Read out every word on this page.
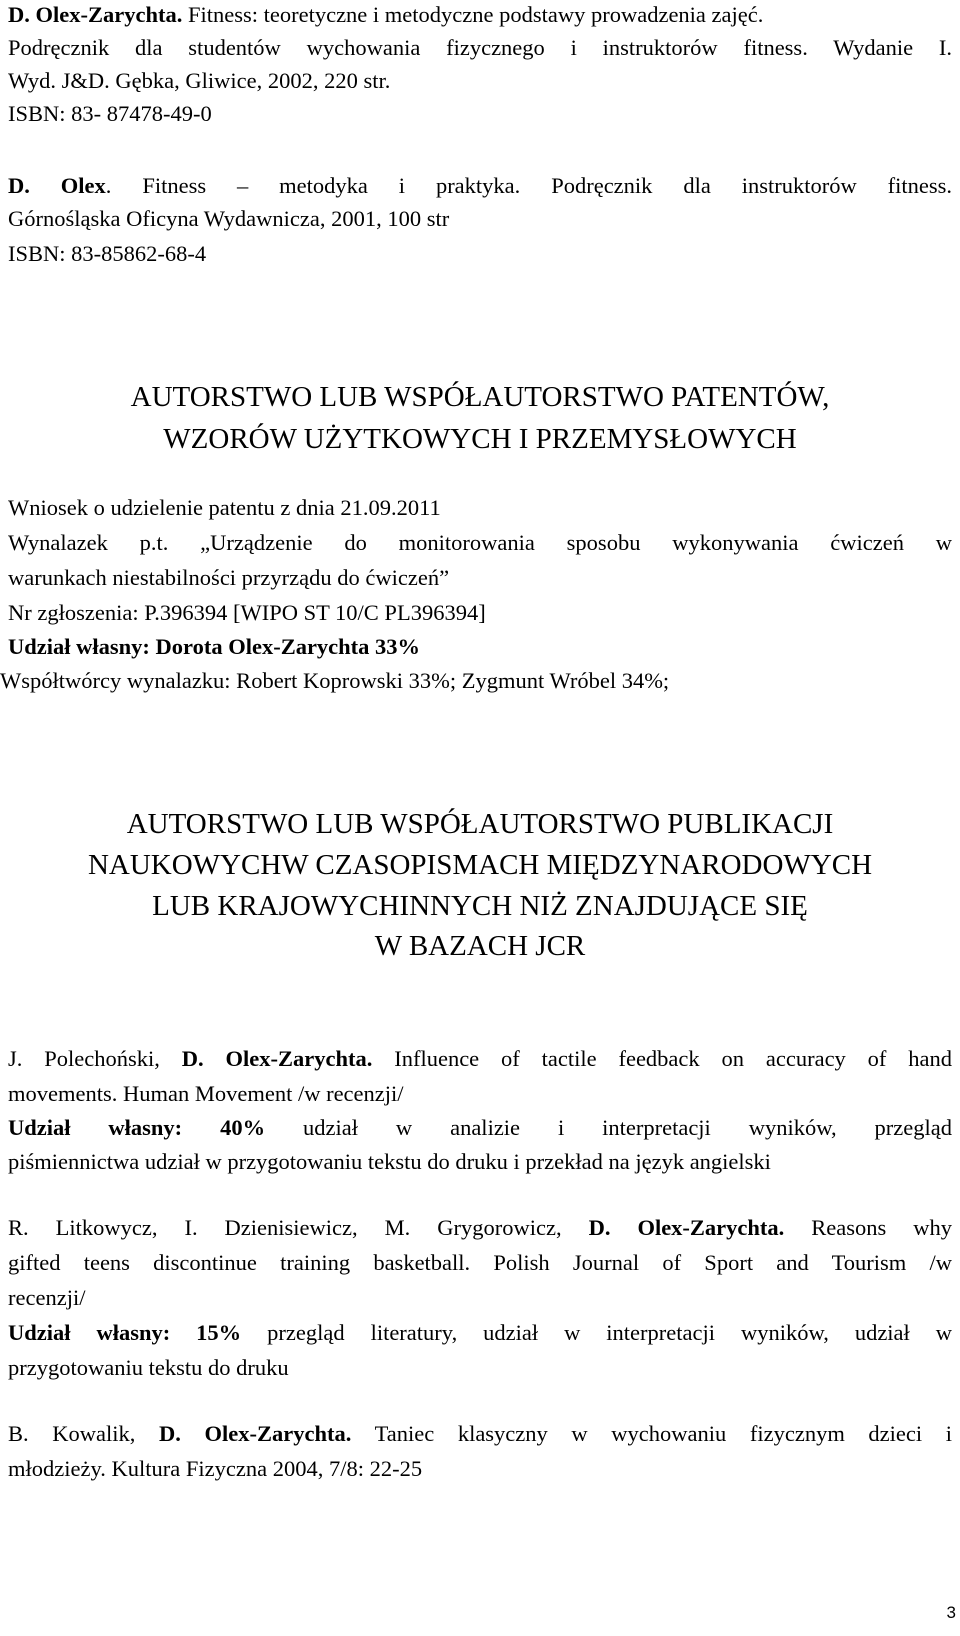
D. Olex-Zarychta. Fitness: teoretyczne i metodyczne podstawy prowadzenia zajęć.
Podręcznik dla studentów wychowania fizycznego i instruktorów fitness. Wydanie I.
Wyd. J&D. Gębka, Gliwice, 2002, 220 str.
ISBN: 83- 87478-49-0
D. Olex. Fitness – metodyka i praktyka. Podręcznik dla instruktorów fitness.
Górnośląska Oficyna Wydawnicza, 2001, 100 str
ISBN: 83-85862-68-4
AUTORSTWO LUB WSPÓŁAUTORSTWO PATENTÓW,
WZORÓW UŻYTKOWYCH I PRZEMYSŁOWYCH
Wniosek o udzielenie patentu z dnia 21.09.2011
Wynalazek p.t. „Urządzenie do monitorowania sposobu wykonywania ćwiczeń w
warunkach niestabilności przyrządu do ćwiczeń”
Nr zgłoszenia: P.396394 [WIPO ST 10/C PL396394]
Udział własny: Dorota Olex-Zarychta 33%
Współtwórcy wynalazku: Robert Koprowski 33%; Zygmunt Wróbel 34%;
AUTORSTWO LUB WSPÓŁAUTORSTWO PUBLIKACJI
NAUKOWYCHW CZASOPISMACH MIĘDZYNARODOWYCH
LUB KRAJOWYCHINNYCH NIŻ ZNAJDUJĄCE SIĘ
W BAZACH JCR
J. Polechoński, D. Olex-Zarychta. Influence of tactile feedback on accuracy of hand
movements. Human Movement /w recenzji/
Udział własny: 40% udział w analizie i interpretacji wyników, przegląd
piśmiennictwa udział w przygotowaniu tekstu do druku i przekład na język angielski
R. Litkowycz, I. Dzienisiewicz, M. Grygorowicz, D. Olex-Zarychta. Reasons why
gifted teens discontinue training basketball. Polish Journal of Sport and Tourism /w
recenzji/
Udział własny: 15% przegląd literatury, udział w interpretacji wyników, udział w
przygotowaniu tekstu do druku
B. Kowalik, D. Olex-Zarychta. Taniec klasyczny w wychowaniu fizycznym dzieci i
młodzieży. Kultura Fizyczna 2004, 7/8: 22-25
3
